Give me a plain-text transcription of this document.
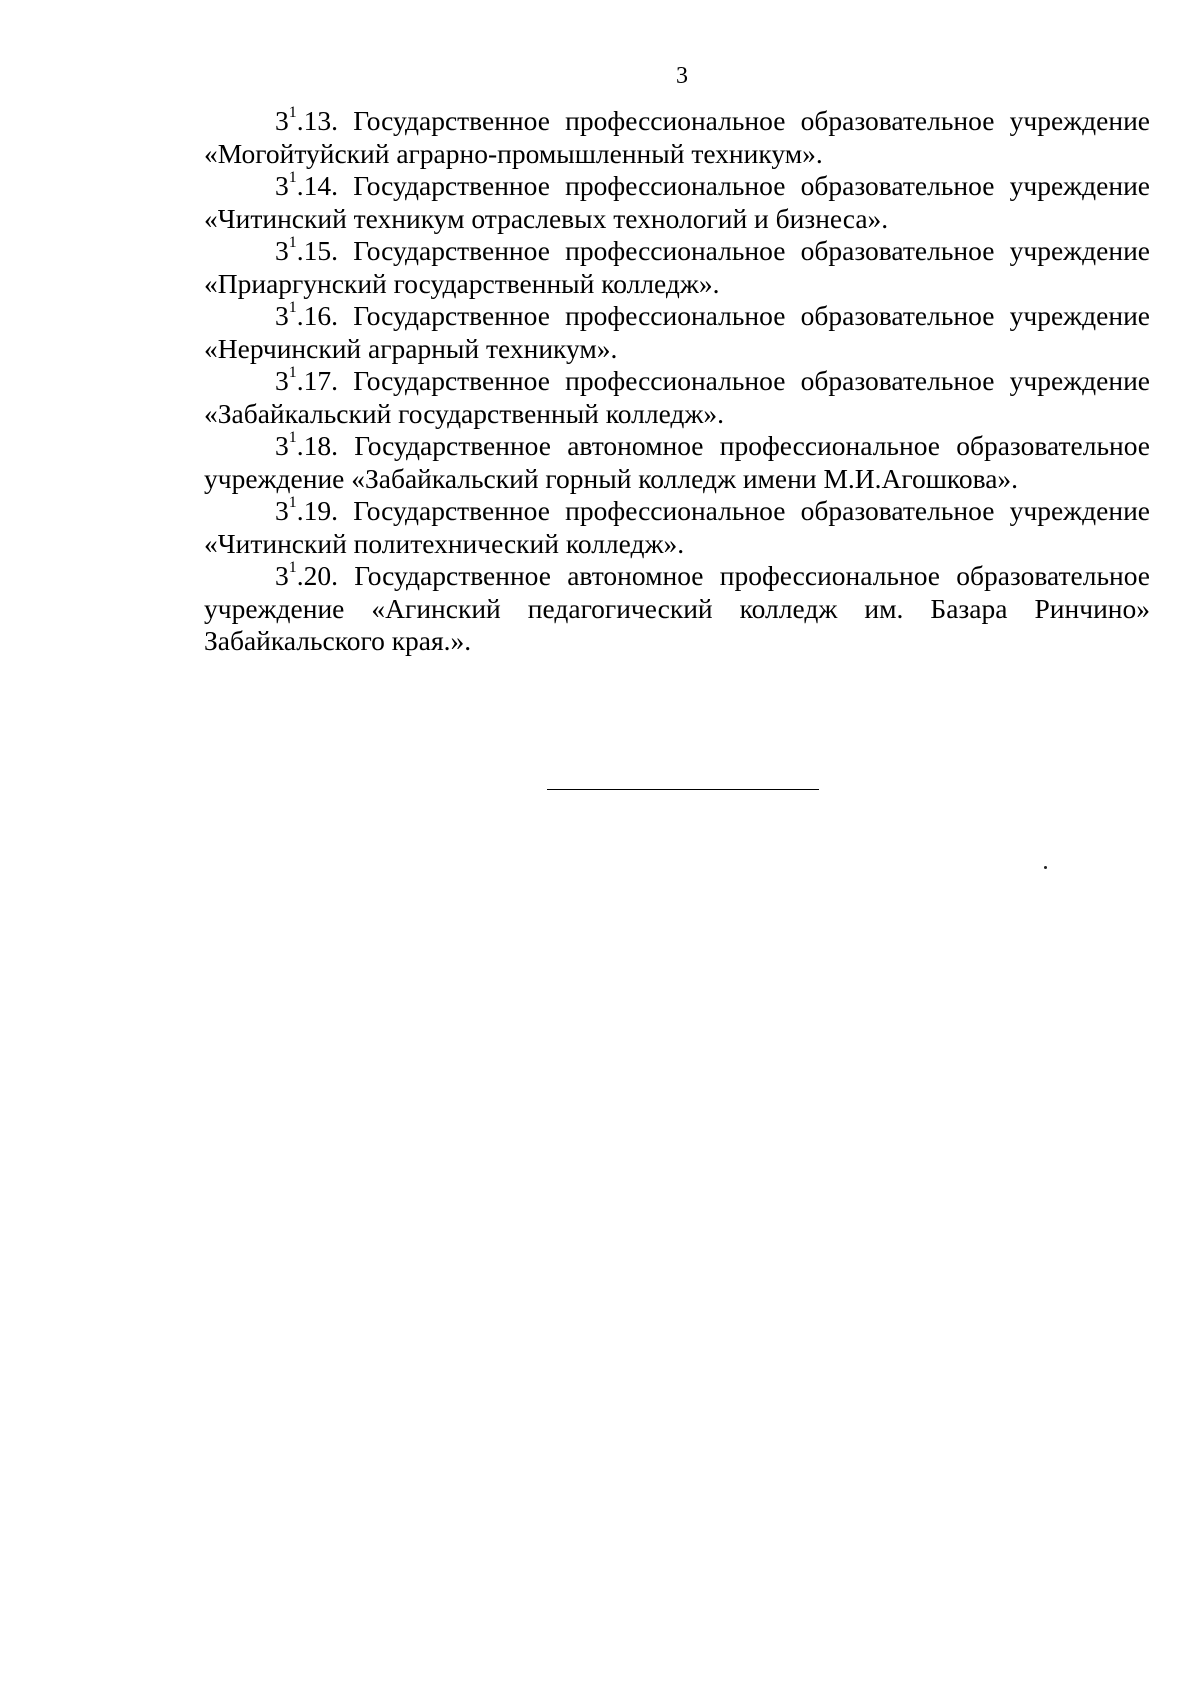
3

$3^1.13$. Государственное профессиональное образовательное учреждение «Могойтуйский аграрно-промышленный техникум».

$3^1.14$. Государственное профессиональное образовательное учреждение «Читинский техникум отраслевых технологий и бизнеса».

$3^1.15$. Государственное профессиональное образовательное учреждение «Приаргунский государственный колледж».

$3^1.16$. Государственное профессиональное образовательное учреждение «Нерчинский аграрный техникум».

$3^1.17$. Государственное профессиональное образовательное учреждение «Забайкальский государственный колледж».

$3^1.18$. Государственное автономное профессиональное образовательное учреждение «Забайкальский горный колледж имени М.И.Агошкова».

$3^1.19$. Государственное профессиональное образовательное учреждение «Читинский политехнический колледж».

$3^1.20$. Государственное автономное профессиональное образовательное учреждение «Агинский педагогический колледж им. Базара Ринчино» Забайкальского края.».
